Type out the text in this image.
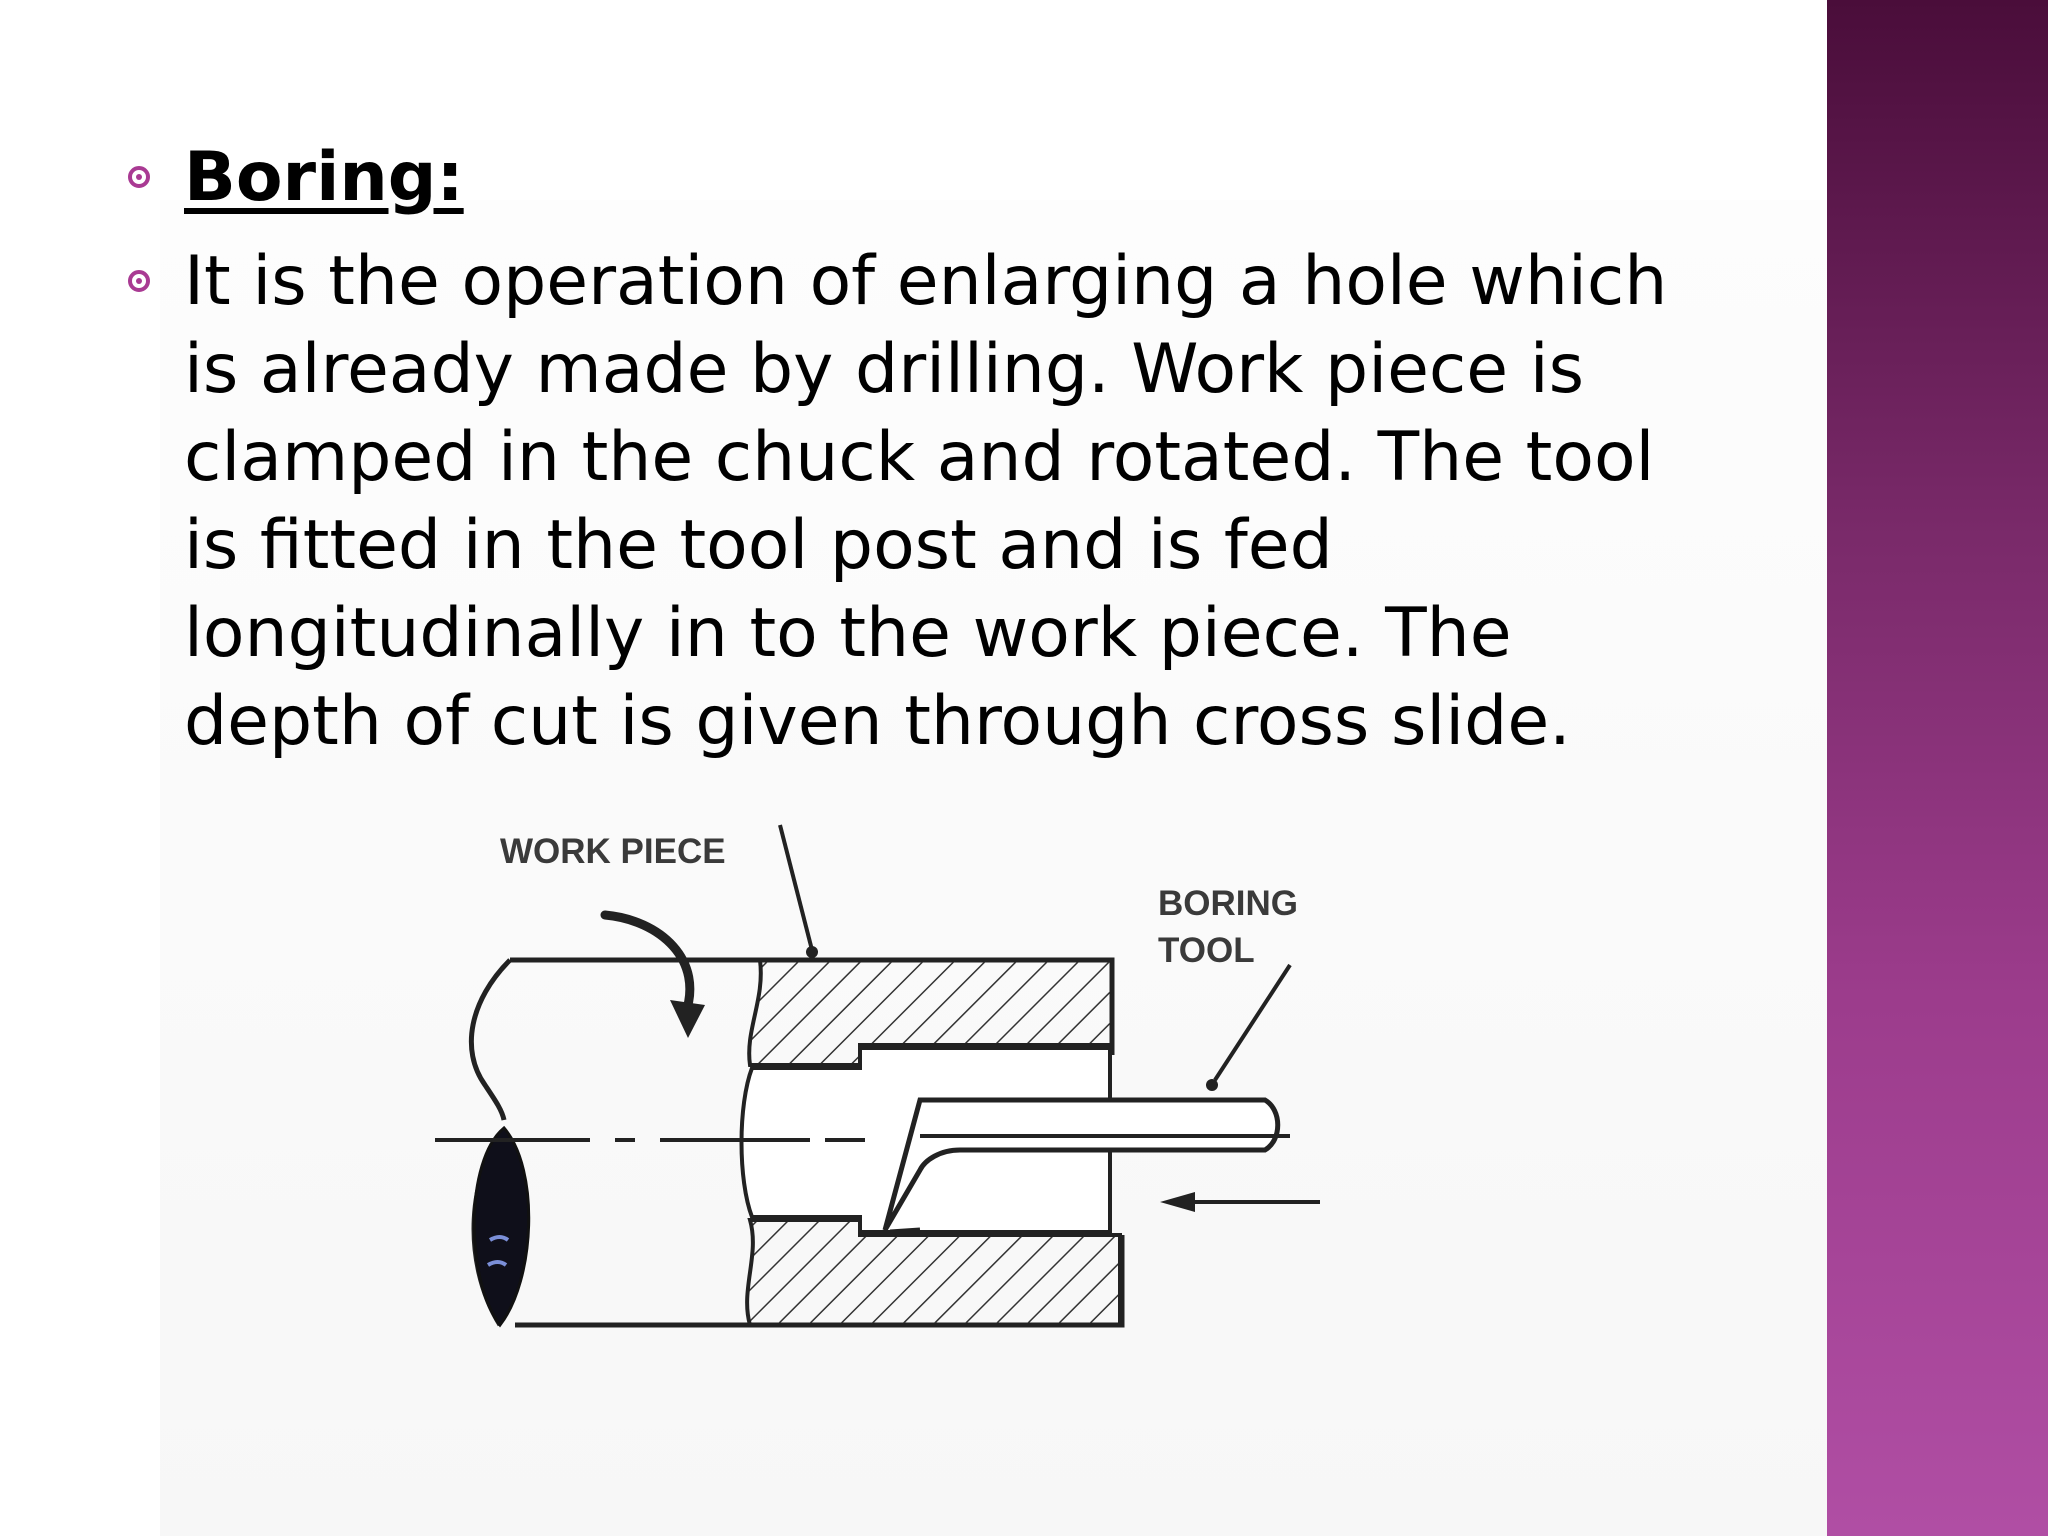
Boring:
It is the operation of enlarging a hole which
is already made by drilling. Work piece is
clamped in the chuck and rotated. The tool
is fitted in the tool post and is fed
longitudinally in to the work piece. The
depth of cut is given through cross slide.
WORK PIECE
BORING
TOOL
